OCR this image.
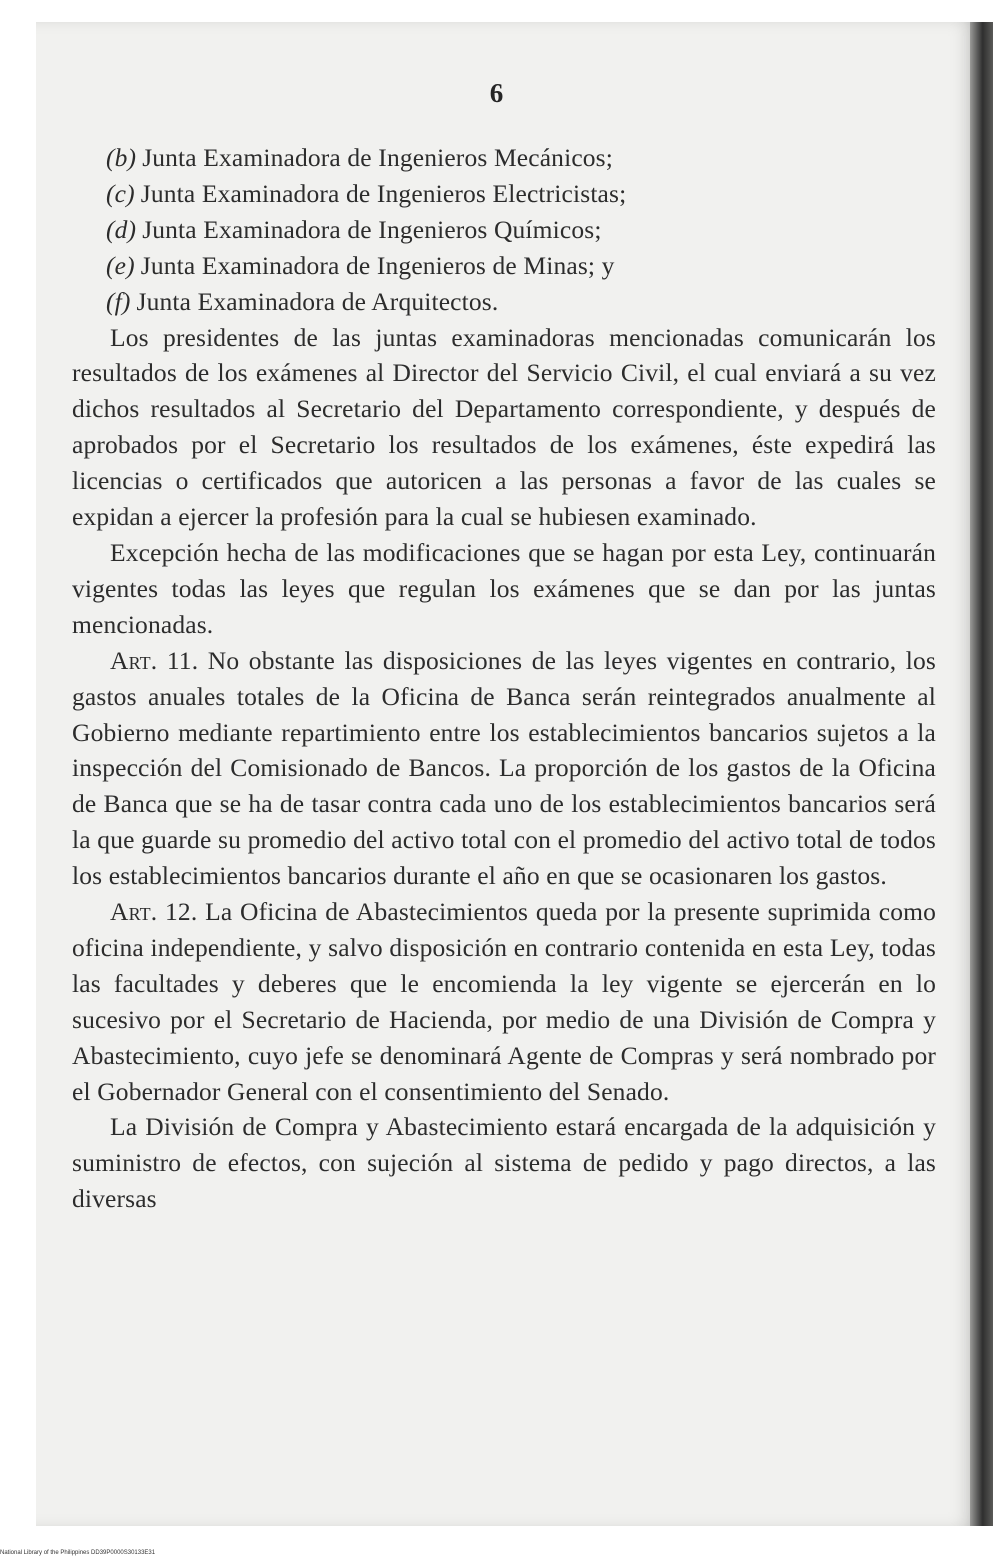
6
(b) Junta Examinadora de Ingenieros Mecánicos;
(c) Junta Examinadora de Ingenieros Electricistas;
(d) Junta Examinadora de Ingenieros Químicos;
(e) Junta Examinadora de Ingenieros de Minas; y
(f) Junta Examinadora de Arquitectos.

Los presidentes de las juntas examinadoras mencionadas comunicarán los resultados de los exámenes al Director del Servicio Civil, el cual enviará a su vez dichos resultados al Secretario del Departamento correspondiente, y después de aprobados por el Secretario los resultados de los exámenes, éste expedirá las licencias o certificados que autoricen a las personas a favor de las cuales se expidan a ejercer la profesión para la cual se hubiesen examinado.

Excepción hecha de las modificaciones que se hagan por esta Ley, continuarán vigentes todas las leyes que regulan los exámenes que se dan por las juntas mencionadas.

Art. 11. No obstante las disposiciones de las leyes vigentes en contrario, los gastos anuales totales de la Oficina de Banca serán reintegrados anualmente al Gobierno mediante repartimiento entre los establecimientos bancarios sujetos a la inspección del Comisionado de Bancos. La proporción de los gastos de la Oficina de Banca que se ha de tasar contra cada uno de los establecimientos bancarios será la que guarde su promedio del activo total con el promedio del activo total de todos los establecimientos bancarios durante el año en que se ocasionaren los gastos.

Art. 12. La Oficina de Abastecimientos queda por la presente suprimida como oficina independiente, y salvo disposición en contrario contenida en esta Ley, todas las facultades y deberes que le encomienda la ley vigente se ejercerán en lo sucesivo por el Secretario de Hacienda, por medio de una División de Compra y Abastecimiento, cuyo jefe se denominará Agente de Compras y será nombrado por el Gobernador General con el consentimiento del Senado.

La División de Compra y Abastecimiento estará encargada de la adquisición y suministro de efectos, con sujeción al sistema de pedido y pago directos, a las diversas

National Library of the Philippines DD39P0000S30133E31
